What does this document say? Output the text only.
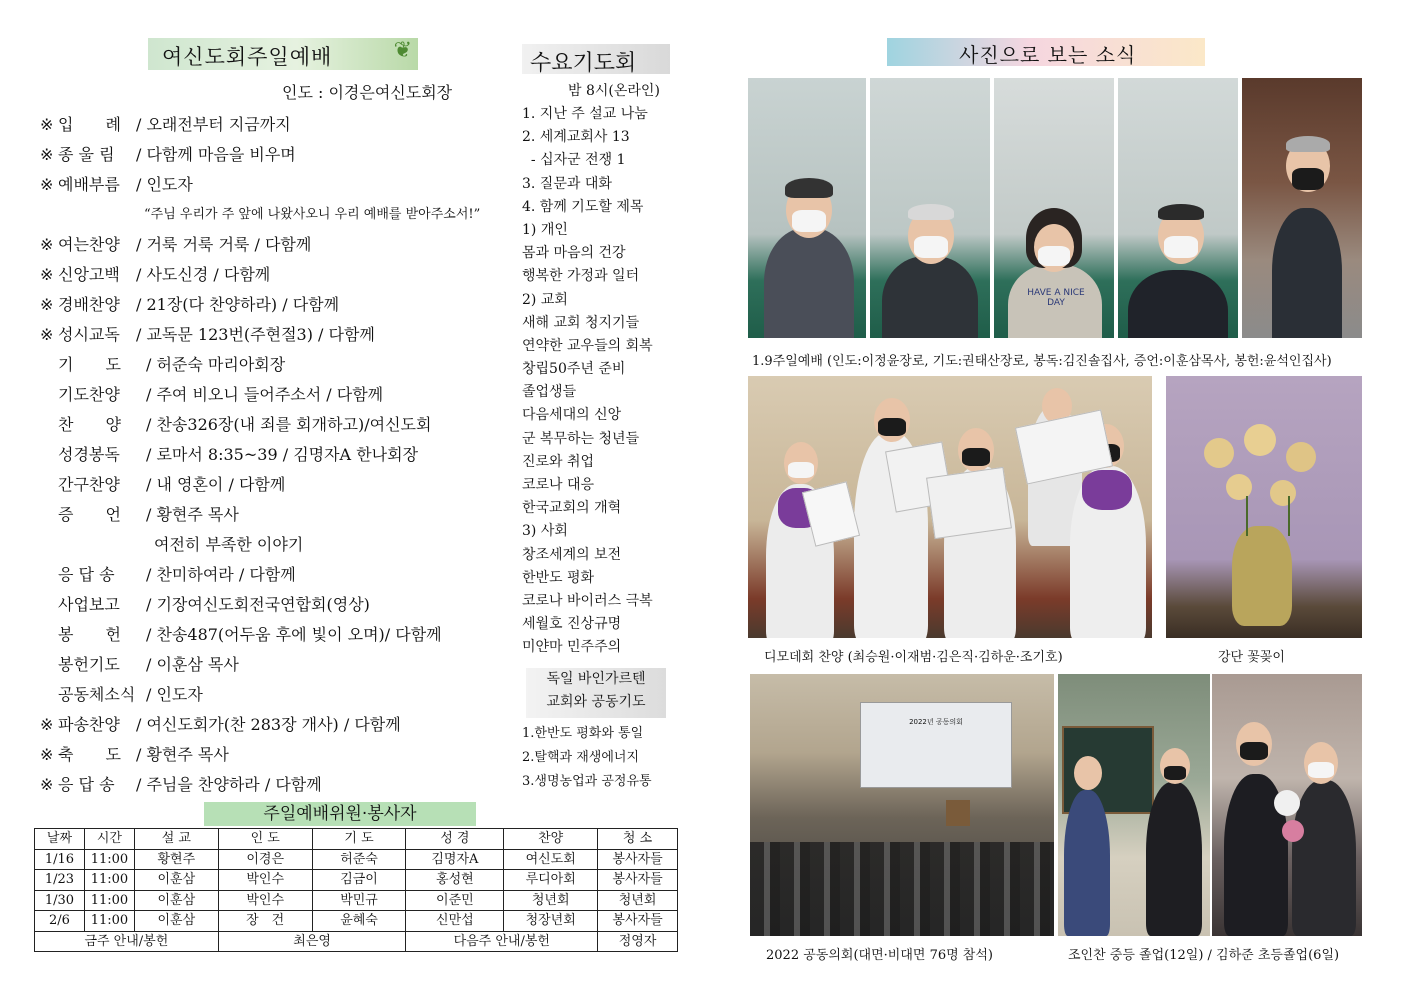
여신도회주일예배	❦
인도 : 이경은여신도회장
※ 입　　례 / 오래전부터 지금까지
※ 종 울 림	/ 다함께 마음을 비우며
※ 예배부름	/ 인도자
“주님 우리가 주 앞에 나왔사오니 우리 예배를 받아주소서!”
※ 여는찬양	/ 거룩 거룩 거룩 / 다함께
※ 신앙고백	/ 사도신경 / 다함께
※ 경배찬양	/ 21장(다 찬양하라) / 다함께
※ 성시교독	/ 교독문 123번(주현절3) / 다함께
기　　도	/ 허준숙 마리아회장
기도찬양	/ 주여 비오니 들어주소서 / 다함께
찬　　양	/ 찬송326장(내 죄를 회개하고)/여신도회
성경봉독	/ 로마서 8:35~39 / 김명자A 한나회장
간구찬양	/ 내 영혼이 / 다함께
증　　언	/ 황현주 목사
여전히 부족한 이야기
응 답 송	/ 찬미하여라 / 다함께
사업보고	/ 기장여신도회전국연합회(영상)
봉　　헌	/ 찬송487(어두움 후에 빛이 오며)/ 다함께
봉헌기도	/ 이훈삼 목사
공동체소식 / 인도자
※ 파송찬양	/ 여신도회가(찬 283장 개사) / 다함께
※ 축　　도 / 황현주 목사
※ 응 답 송	/ 주님을 찬양하라 / 다함께
수요기도회
밤 8시(온라인)
1. 지난 주 설교 나눔
2. 세계교회사 13
- 십자군 전쟁 1
3. 질문과 대화
4. 함께 기도할 제목
1) 개인
몸과 마음의 건강
행복한 가정과 일터
2) 교회
새해 교회 청지기들
연약한 교우들의 회복
창립50주년 준비
졸업생들
다음세대의 신앙
군 복무하는 청년들
진로와 취업
코로나 대응
한국교회의 개혁
3) 사회
창조세계의 보전
한반도 평화
코로나 바이러스 극복
세월호 진상규명
미얀마 민주주의
독일 바인가르텐
교회와 공동기도
1.한반도 평화와 통일
2.탈핵과 재생에너지
3.생명농업과 공정유통
주일예배위원·봉사자
날짜	시간	설 교	인 도	기 도	성 경	찬양	청 소
1/16	11:00	황현주	이경은	허준숙	김명자A	여신도회	봉사자들
1/23	11:00	이훈삼	박인수	김금이	홍성현	루디아회	봉사자들
1/30	11:00	이훈삼	박인수	박민규	이준민	청년회	청년회
2/6	11:00	이훈삼	장　건	윤혜숙	신만섭	청장년회	봉사자들
금주 안내/봉헌			최은영		다음주 안내/봉헌		정영자
사진으로 보는 소식
HAVE A NICE DAY
1.9주일예배 (인도:이정윤장로, 기도:권태산장로, 봉독:김진솔집사, 증언:이훈삼목사, 봉헌:윤석인집사)
디모데회 찬양 (최승원·이재범·김은직·김하운·조기호)	강단 꽃꽂이
2022년 공동의회
2022 공동의회(대면·비대면 76명 참석)	조인찬 중등 졸업(12일) / 김하준 초등졸업(6일)
